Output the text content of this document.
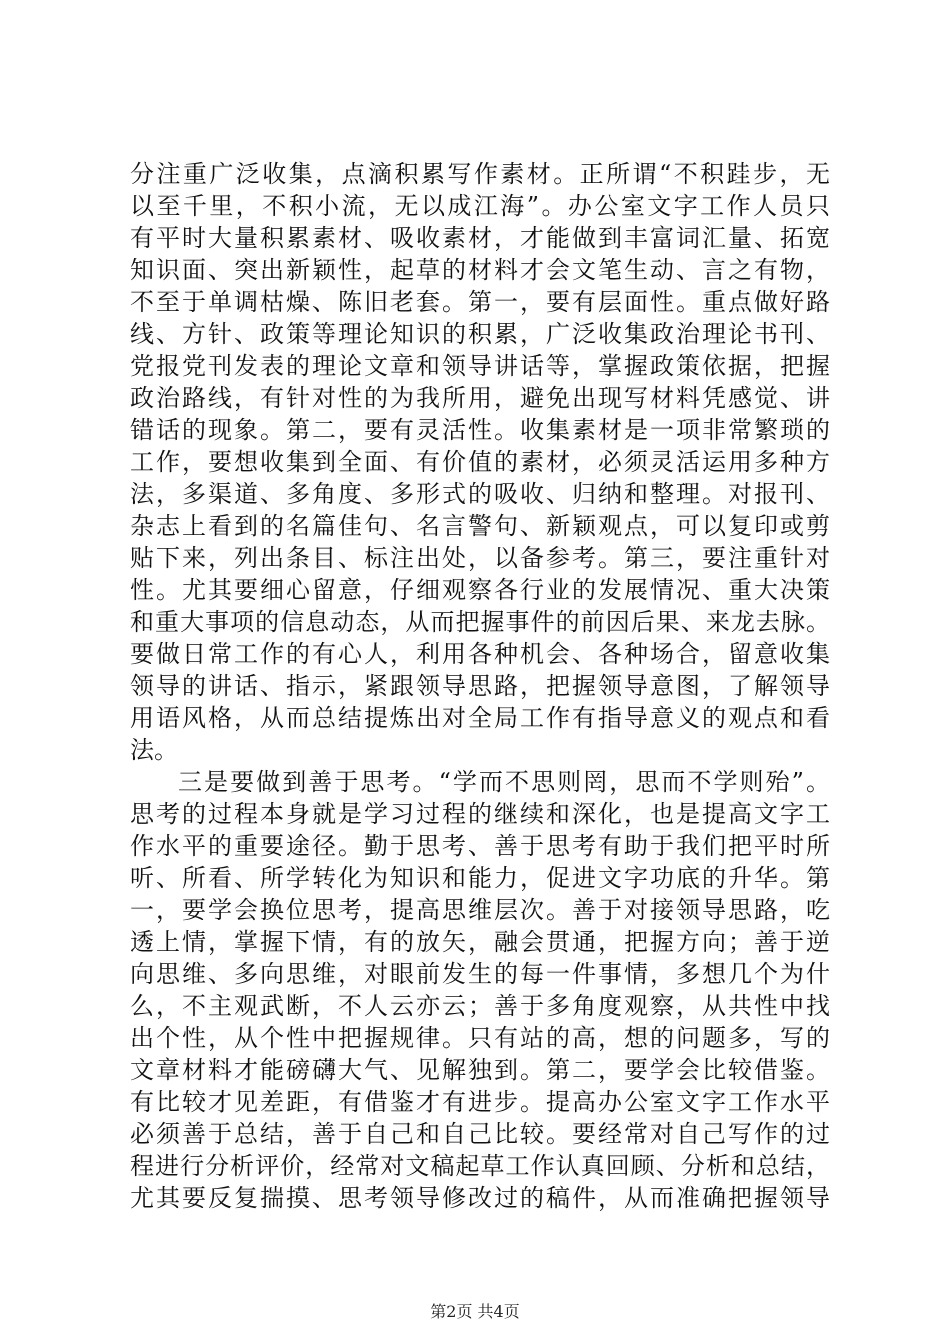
分注重广泛收集，点滴积累写作素材。正所谓“不积跬步，无
以至千里，不积小流，无以成江海”。办公室文字工作人员只
有平时大量积累素材、吸收素材，才能做到丰富词汇量、拓宽
知识面、突出新颖性，起草的材料才会文笔生动、言之有物，
不至于单调枯燥、陈旧老套。第一，要有层面性。重点做好路
线、方针、政策等理论知识的积累，广泛收集政治理论书刊、
党报党刊发表的理论文章和领导讲话等，掌握政策依据，把握
政治路线，有针对性的为我所用，避免出现写材料凭感觉、讲
错话的现象。第二，要有灵活性。收集素材是一项非常繁琐的
工作，要想收集到全面、有价值的素材，必须灵活运用多种方
法，多渠道、多角度、多形式的吸收、归纳和整理。对报刊、
杂志上看到的名篇佳句、名言警句、新颖观点，可以复印或剪
贴下来，列出条目、标注出处，以备参考。第三，要注重针对
性。尤其要细心留意，仔细观察各行业的发展情况、重大决策
和重大事项的信息动态，从而把握事件的前因后果、来龙去脉。
要做日常工作的有心人，利用各种机会、各种场合，留意收集
领导的讲话、指示，紧跟领导思路，把握领导意图，了解领导
用语风格，从而总结提炼出对全局工作有指导意义的观点和看
法。
三是要做到善于思考。“学而不思则罔，思而不学则殆”。
思考的过程本身就是学习过程的继续和深化，也是提高文字工
作水平的重要途径。勤于思考、善于思考有助于我们把平时所
听、所看、所学转化为知识和能力，促进文字功底的升华。第
一，要学会换位思考，提高思维层次。善于对接领导思路，吃
透上情，掌握下情，有的放矢，融会贯通，把握方向；善于逆
向思维、多向思维，对眼前发生的每一件事情，多想几个为什
么，不主观武断，不人云亦云；善于多角度观察，从共性中找
出个性，从个性中把握规律。只有站的高，想的问题多，写的
文章材料才能磅礴大气、见解独到。第二，要学会比较借鉴。
有比较才见差距，有借鉴才有进步。提高办公室文字工作水平
必须善于总结，善于自己和自己比较。要经常对自己写作的过
程进行分析评价，经常对文稿起草工作认真回顾、分析和总结，
尤其要反复揣摸、思考领导修改过的稿件，从而准确把握领导
第2页 共4页
